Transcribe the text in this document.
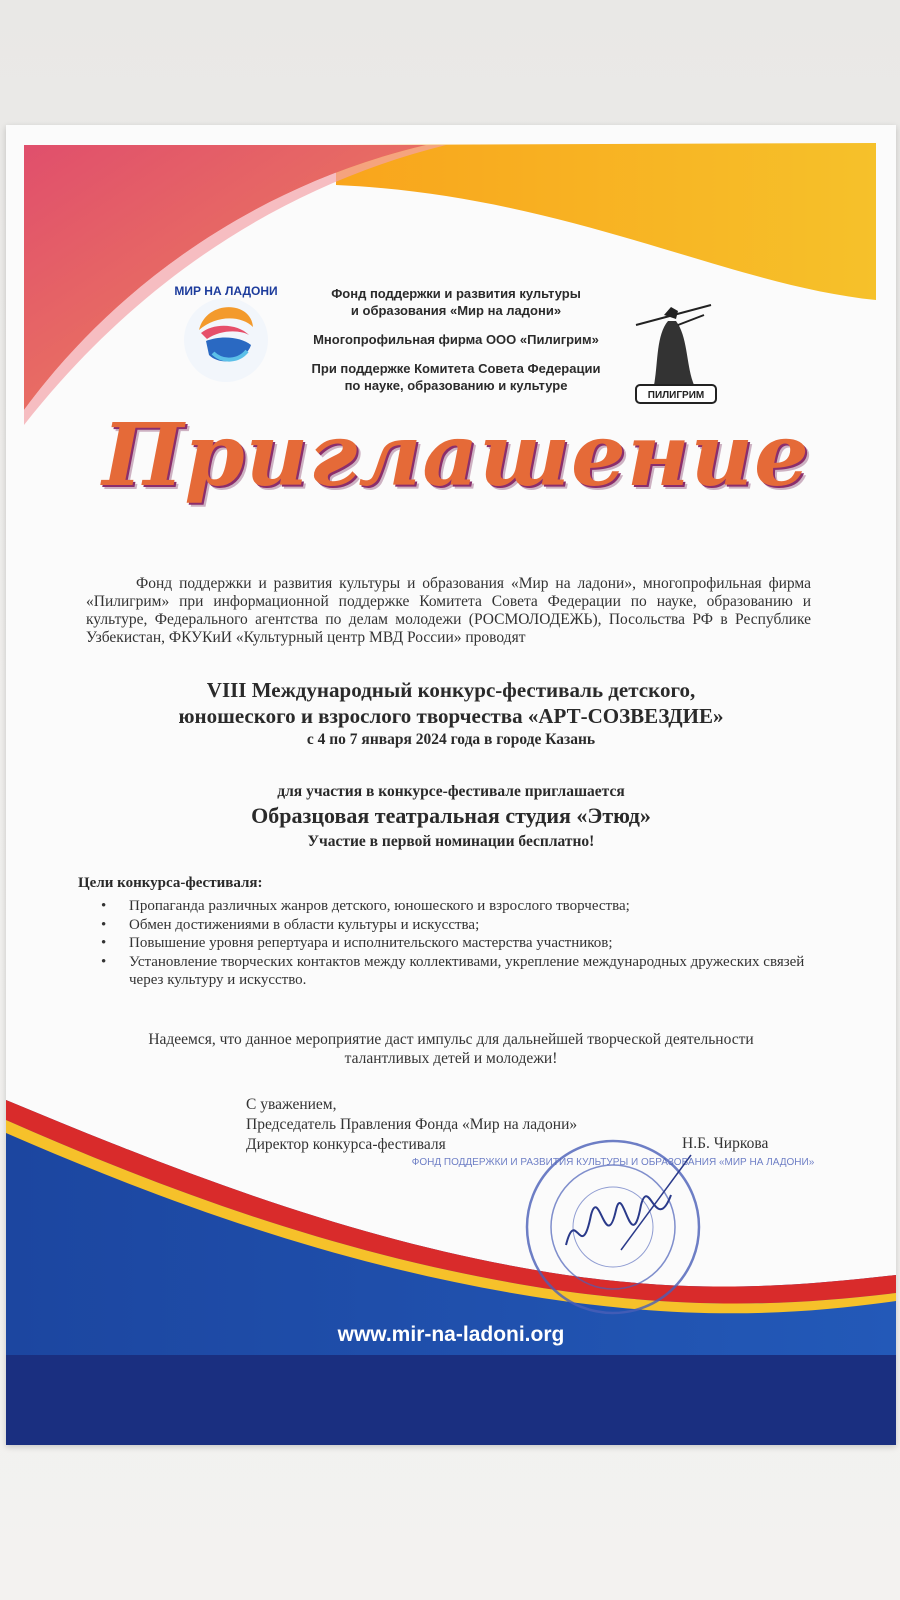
МИР НА ЛАДОНИ	Фонд поддержки и развития культуры
и образования «Мир на ладони»
Многопрофильная фирма ООО «Пилигрим»
При поддержке Комитета Совета Федерации
по науке, образованию и культуре
ПИЛИГРИМ
Приглашение
Фонд поддержки и развития культуры и образования «Мир на ладони», многопрофильная фирма «Пилигрим» при информационной поддержке Комитета Совета Федерации по науке, образованию и культуре, Федерального агентства по делам молодежи (РОСМОЛОДЕЖЬ), Посольства РФ в Республике Узбекистан, ФКУКиИ «Культурный центр МВД России» проводят
VIII Международный конкурс-фестиваль детского,
юношеского и взрослого творчества «АРТ-СОЗВЕЗДИЕ»
с 4 по 7 января 2024 года в городе Казань
для участия в конкурсе-фестивале приглашается
Образцовая театральная студия «Этюд»
Участие в первой номинации бесплатно!
Цели конкурса-фестиваля:
• Пропаганда различных жанров детского, юношеского и взрослого творчества;
• Обмен достижениями в области культуры и искусства;
• Повышение уровня репертуара и исполнительского мастерства участников;
• Установление творческих контактов между коллективами, укрепление международных дружеских связей через культуру и искусство.
Надеемся, что данное мероприятие даст импульс для дальнейшей творческой деятельности
талантливых детей и молодежи!
С уважением,
Председатель Правления Фонда «Мир на ладони»
Директор конкурса-фестиваля	Н.Б. Чиркова
ФОНД ПОДДЕРЖКИ И РАЗВИТИЯ КУЛЬТУРЫ И ОБРАЗОВАНИЯ «МИР НА ЛАДОНИ»
www.mir-na-ladoni.org
